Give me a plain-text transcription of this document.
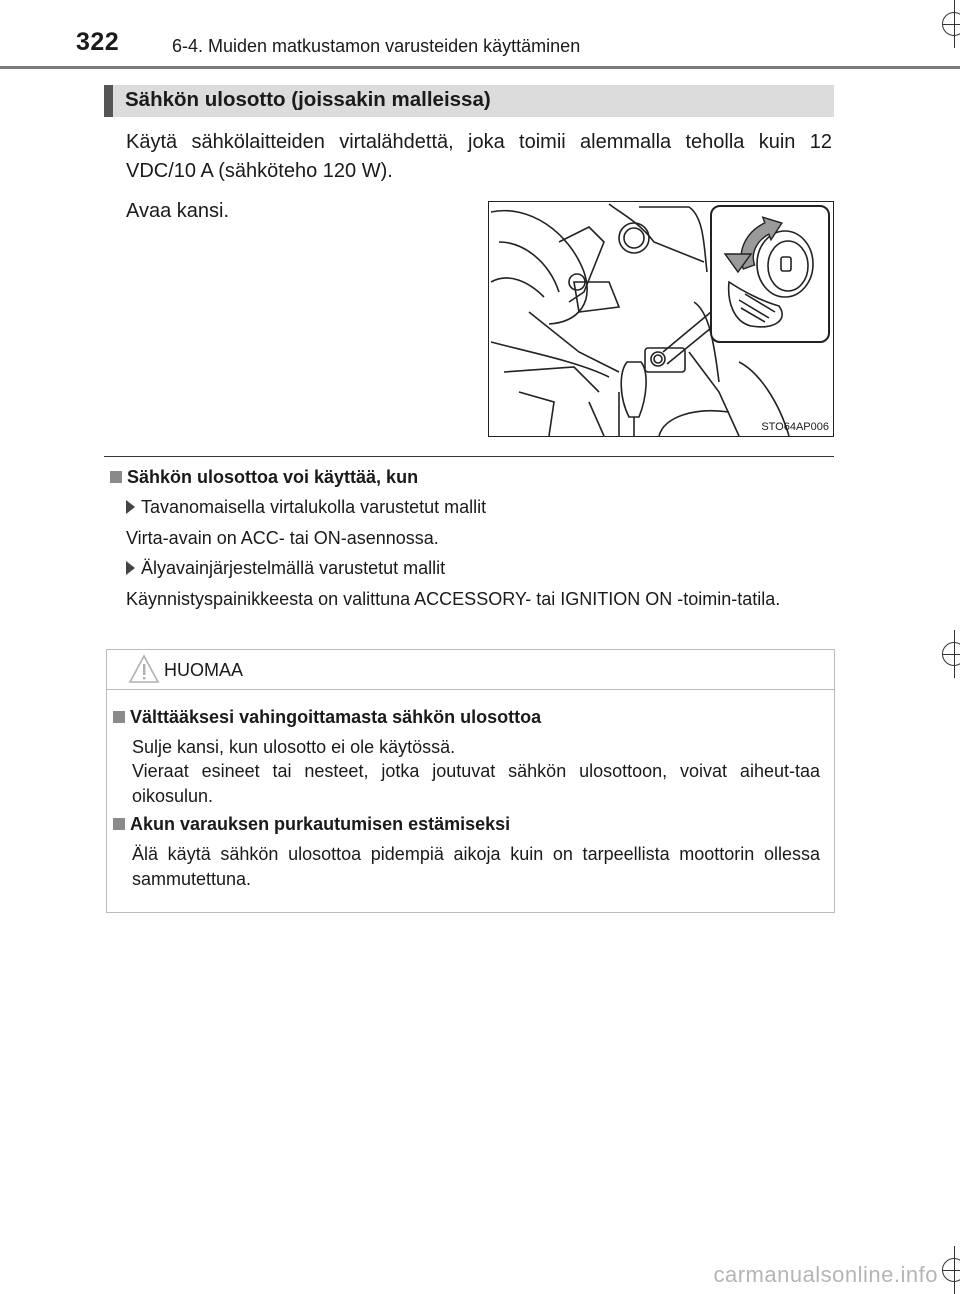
322	6-4. Muiden matkustamon varusteiden käyttäminen
Sähkön ulosotto (joissakin malleissa)
Käytä sähkölaitteiden virtalähdettä, joka toimii alemmalla teholla kuin 12 VDC/10 A (sähköteho 120 W).
Avaa kansi.
STO64AP006
Sähkön ulosottoa voi käyttää, kun
Tavanomaisella virtalukolla varustetut mallit
Virta-avain on ACC- tai ON-asennossa.
Älyavainjärjestelmällä varustetut mallit
Käynnistyspainikkeesta on valittuna ACCESSORY- tai IGNITION ON -toimin-tatila.
HUOMAA
Välttääksesi vahingoittamasta sähkön ulosottoa
Sulje kansi, kun ulosotto ei ole käytössä.
Vieraat esineet tai nesteet, jotka joutuvat sähkön ulosottoon, voivat aiheut-taa oikosulun.
Akun varauksen purkautumisen estämiseksi
Älä käytä sähkön ulosottoa pidempiä aikoja kuin on tarpeellista moottorin ollessa sammutettuna.
carmanualsonline.info
